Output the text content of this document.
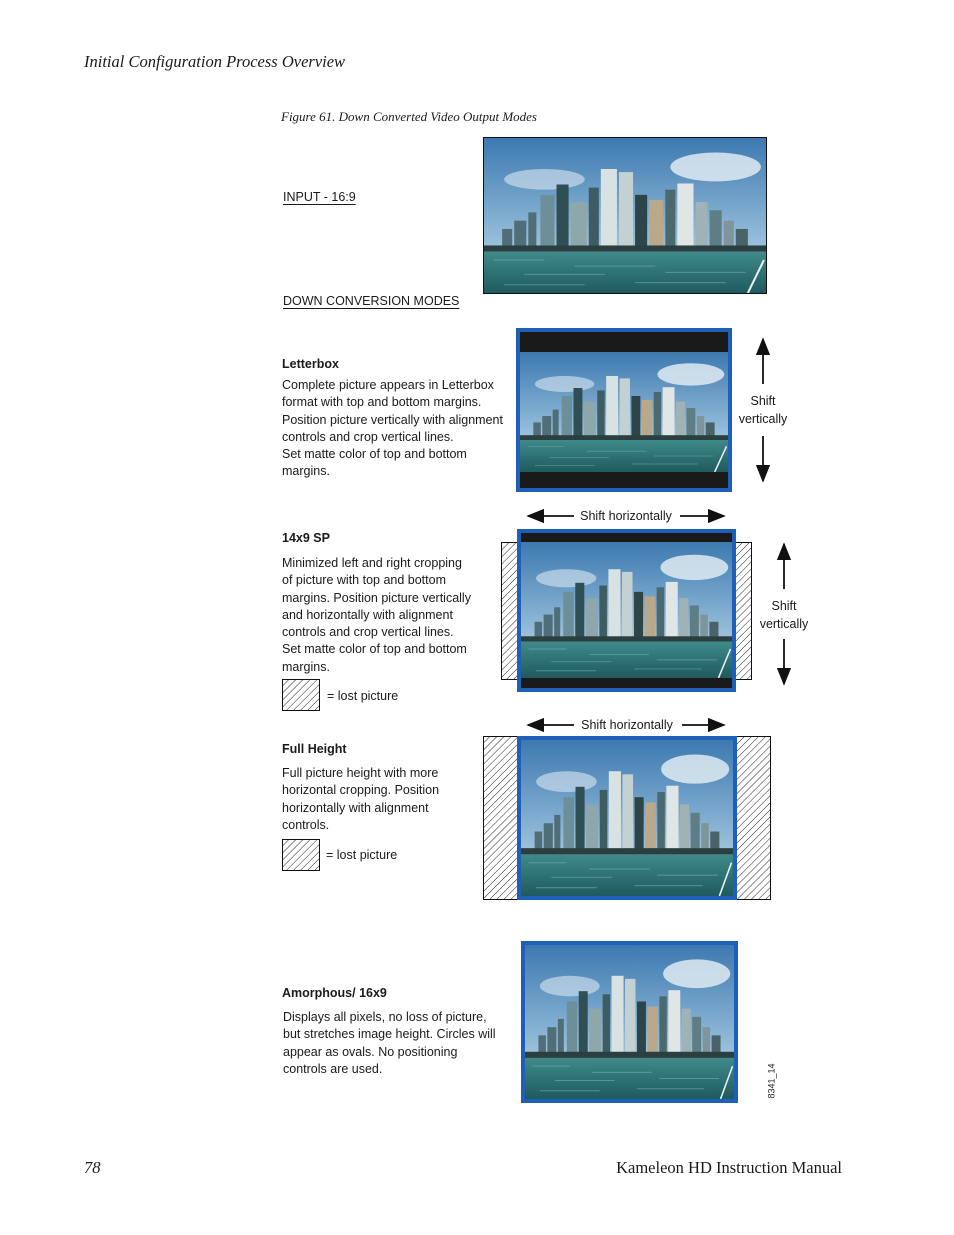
Initial Configuration Process Overview
Figure 61. Down Converted Video Output Modes
INPUT - 16:9
DOWN CONVERSION MODES
Letterbox
Complete picture appears in Letterbox
format with top and bottom margins.
Position picture vertically with alignment
controls and crop vertical lines.
Set matte color of top and bottom
margins.
Shift
vertically
Shift horizontally
14x9 SP
Minimized left and right cropping
of picture with top and bottom
margins. Position picture vertically
and horizontally with alignment
controls and crop vertical lines.
Set matte color of top and bottom
margins.
= lost picture
Shift
vertically
Shift horizontally
Full Height
Full picture height with more
horizontal cropping. Position
horizontally with alignment
controls.
= lost picture
Amorphous/ 16x9
Displays all pixels, no loss of picture,
but stretches image height. Circles will
appear as ovals. No positioning
controls are used.	8341_14
78	Kameleon HD Instruction Manual
